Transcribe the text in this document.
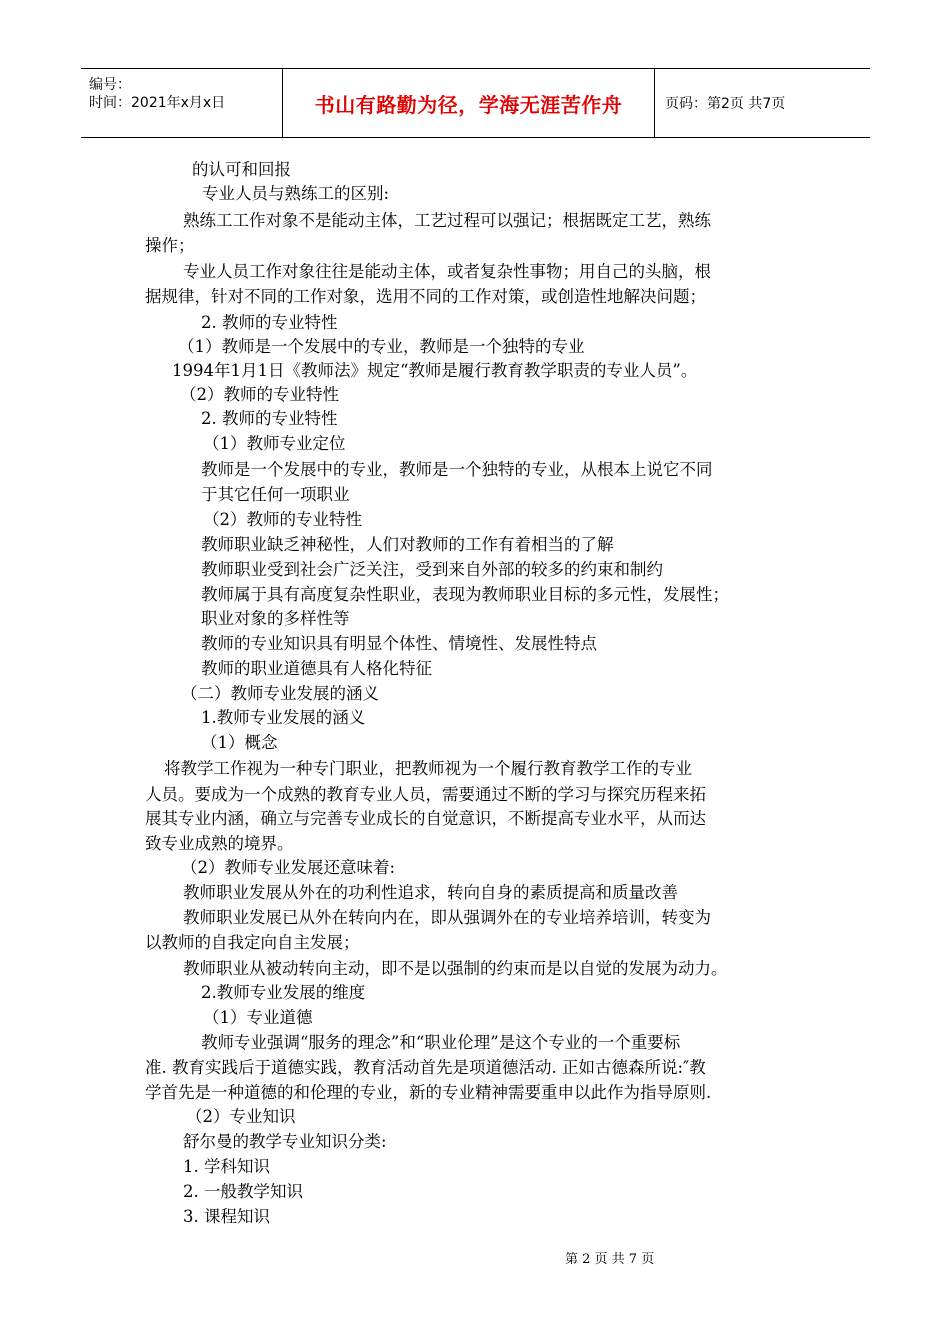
编号：
时间：2021年x月x日	书山有路勤为径，学海无涯苦作舟	页码：第2页 共7页
的认可和回报
专业人员与熟练工的区别:
熟练工工作对象不是能动主体，工艺过程可以强记；根据既定工艺，熟练
操作；
专业人员工作对象往往是能动主体，或者复杂性事物；用自己的头脑，根
据规律，针对不同的工作对象，选用不同的工作对策，或创造性地解决问题；
2. 教师的专业特性
（1）教师是一个发展中的专业，教师是一个独特的专业
1994年1月1日《教师法》规定“教师是履行教育教学职责的专业人员”。
（2）教师的专业特性
2. 教师的专业特性
（1）教师专业定位
教师是一个发展中的专业，教师是一个独特的专业，从根本上说它不同
于其它任何一项职业
（2）教师的专业特性
教师职业缺乏神秘性，人们对教师的工作有着相当的了解
教师职业受到社会广泛关注，受到来自外部的较多的约束和制约
教师属于具有高度复杂性职业，表现为教师职业目标的多元性，发展性；
职业对象的多样性等
教师的专业知识具有明显个体性、情境性、发展性特点
教师的职业道德具有人格化特征
（二）教师专业发展的涵义
1.教师专业发展的涵义
（1）概念
将教学工作视为一种专门职业，把教师视为一个履行教育教学工作的专业
人员。要成为一个成熟的教育专业人员，需要通过不断的学习与探究历程来拓
展其专业内涵，确立与完善专业成长的自觉意识，不断提高专业水平，从而达
致专业成熟的境界。
（2）教师专业发展还意味着:
教师职业发展从外在的功利性追求，转向自身的素质提高和质量改善
教师职业发展已从外在转向内在，即从强调外在的专业培养培训，转变为
以教师的自我定向自主发展；
教师职业从被动转向主动，即不是以强制的约束而是以自觉的发展为动力。
2.教师专业发展的维度
（1）专业道德
教师专业强调“服务的理念”和“职业伦理”是这个专业的一个重要标
准. 教育实践后于道德实践，教育活动首先是项道德活动. 正如古德森所说:″教
学首先是一种道德的和伦理的专业，新的专业精神需要重申以此作为指导原则.
（2）专业知识
舒尔曼的教学专业知识分类:
1. 学科知识
2. 一般教学知识
3. 课程知识
第 2 页 共 7 页
